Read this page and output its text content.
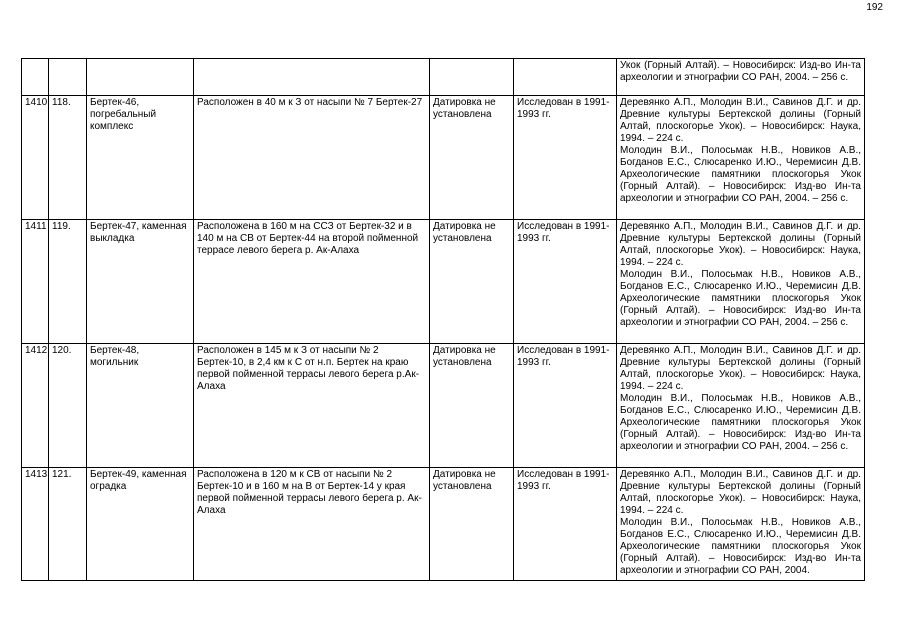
192

						Укок (Горный Алтай). – Новосибирск: Изд-во Ин-та археологии и этнографии СО РАН, 2004. – 256 с.

1410	118.	Бертек-46, погребальный комплекс	Расположен в 40 м к З от насыпи № 7 Бертек-27	Датировка не установлена	Исследован в 1991-1993 гг.	Деревянко А.П., Молодин В.И., Савинов Д.Г. и др. Древние культуры Бертекской долины (Горный Алтай, плоскогорье Укок). – Новосибирск: Наука, 1994. – 224 с.
Молодин В.И., Полосьмак Н.В., Новиков А.В., Богданов Е.С., Слюсаренко И.Ю., Черемисин Д.В. Археологические памятники плоскогорья Укок (Горный Алтай). – Новосибирск: Изд-во Ин-та археологии и этнографии СО РАН, 2004. – 256 с.

1411	119.	Бертек-47, каменная выкладка	Расположена в 160 м на ССЗ от Бертек-32 и в 140 м на СВ от Бертек-44 на второй пойменной террасе левого берега р. Ак-Алаха	Датировка не установлена	Исследован в 1991-1993 гг.	Деревянко А.П., Молодин В.И., Савинов Д.Г. и др. Древние культуры Бертекской долины (Горный Алтай, плоскогорье Укок). – Новосибирск: Наука, 1994. – 224 с.
Молодин В.И., Полосьмак Н.В., Новиков А.В., Богданов Е.С., Слюсаренко И.Ю., Черемисин Д.В. Археологические памятники плоскогорья Укок (Горный Алтай). – Новосибирск: Изд-во Ин-та археологии и этнографии СО РАН, 2004. – 256 с.

1412	120.	Бертек-48, могильник	Расположен в 145 м к З от насыпи № 2 Бертек-10, в 2,4 км к С от н.п. Бертек на краю первой пойменной террасы левого берега р.Ак-Алаха	Датировка не установлена	Исследован в 1991-1993 гг.	Деревянко А.П., Молодин В.И., Савинов Д.Г. и др. Древние культуры Бертекской долины (Горный Алтай, плоскогорье Укок). – Новосибирск: Наука, 1994. – 224 с.
Молодин В.И., Полосьмак Н.В., Новиков А.В., Богданов Е.С., Слюсаренко И.Ю., Черемисин Д.В. Археологические памятники плоскогорья Укок (Горный Алтай). – Новосибирск: Изд-во Ин-та археологии и этнографии СО РАН, 2004. – 256 с.

1413	121.	Бертек-49, каменная оградка	Расположена в 120 м к СВ от насыпи № 2 Бертек-10 и в 160 м на В от Бертек-14 у края первой пойменной террасы левого берега р. Ак-Алаха	Датировка не установлена	Исследован в 1991-1993 гг.	Деревянко А.П., Молодин В.И., Савинов Д.Г. и др. Древние культуры Бертекской долины (Горный Алтай, плоскогорье Укок). – Новосибирск: Наука, 1994. – 224 с.
Молодин В.И., Полосьмак Н.В., Новиков А.В., Богданов Е.С., Слюсаренко И.Ю., Черемисин Д.В. Археологические памятники плоскогорья Укок (Горный Алтай). – Новосибирск: Изд-во Ин-та археологии и этнографии СО РАН, 2004.
